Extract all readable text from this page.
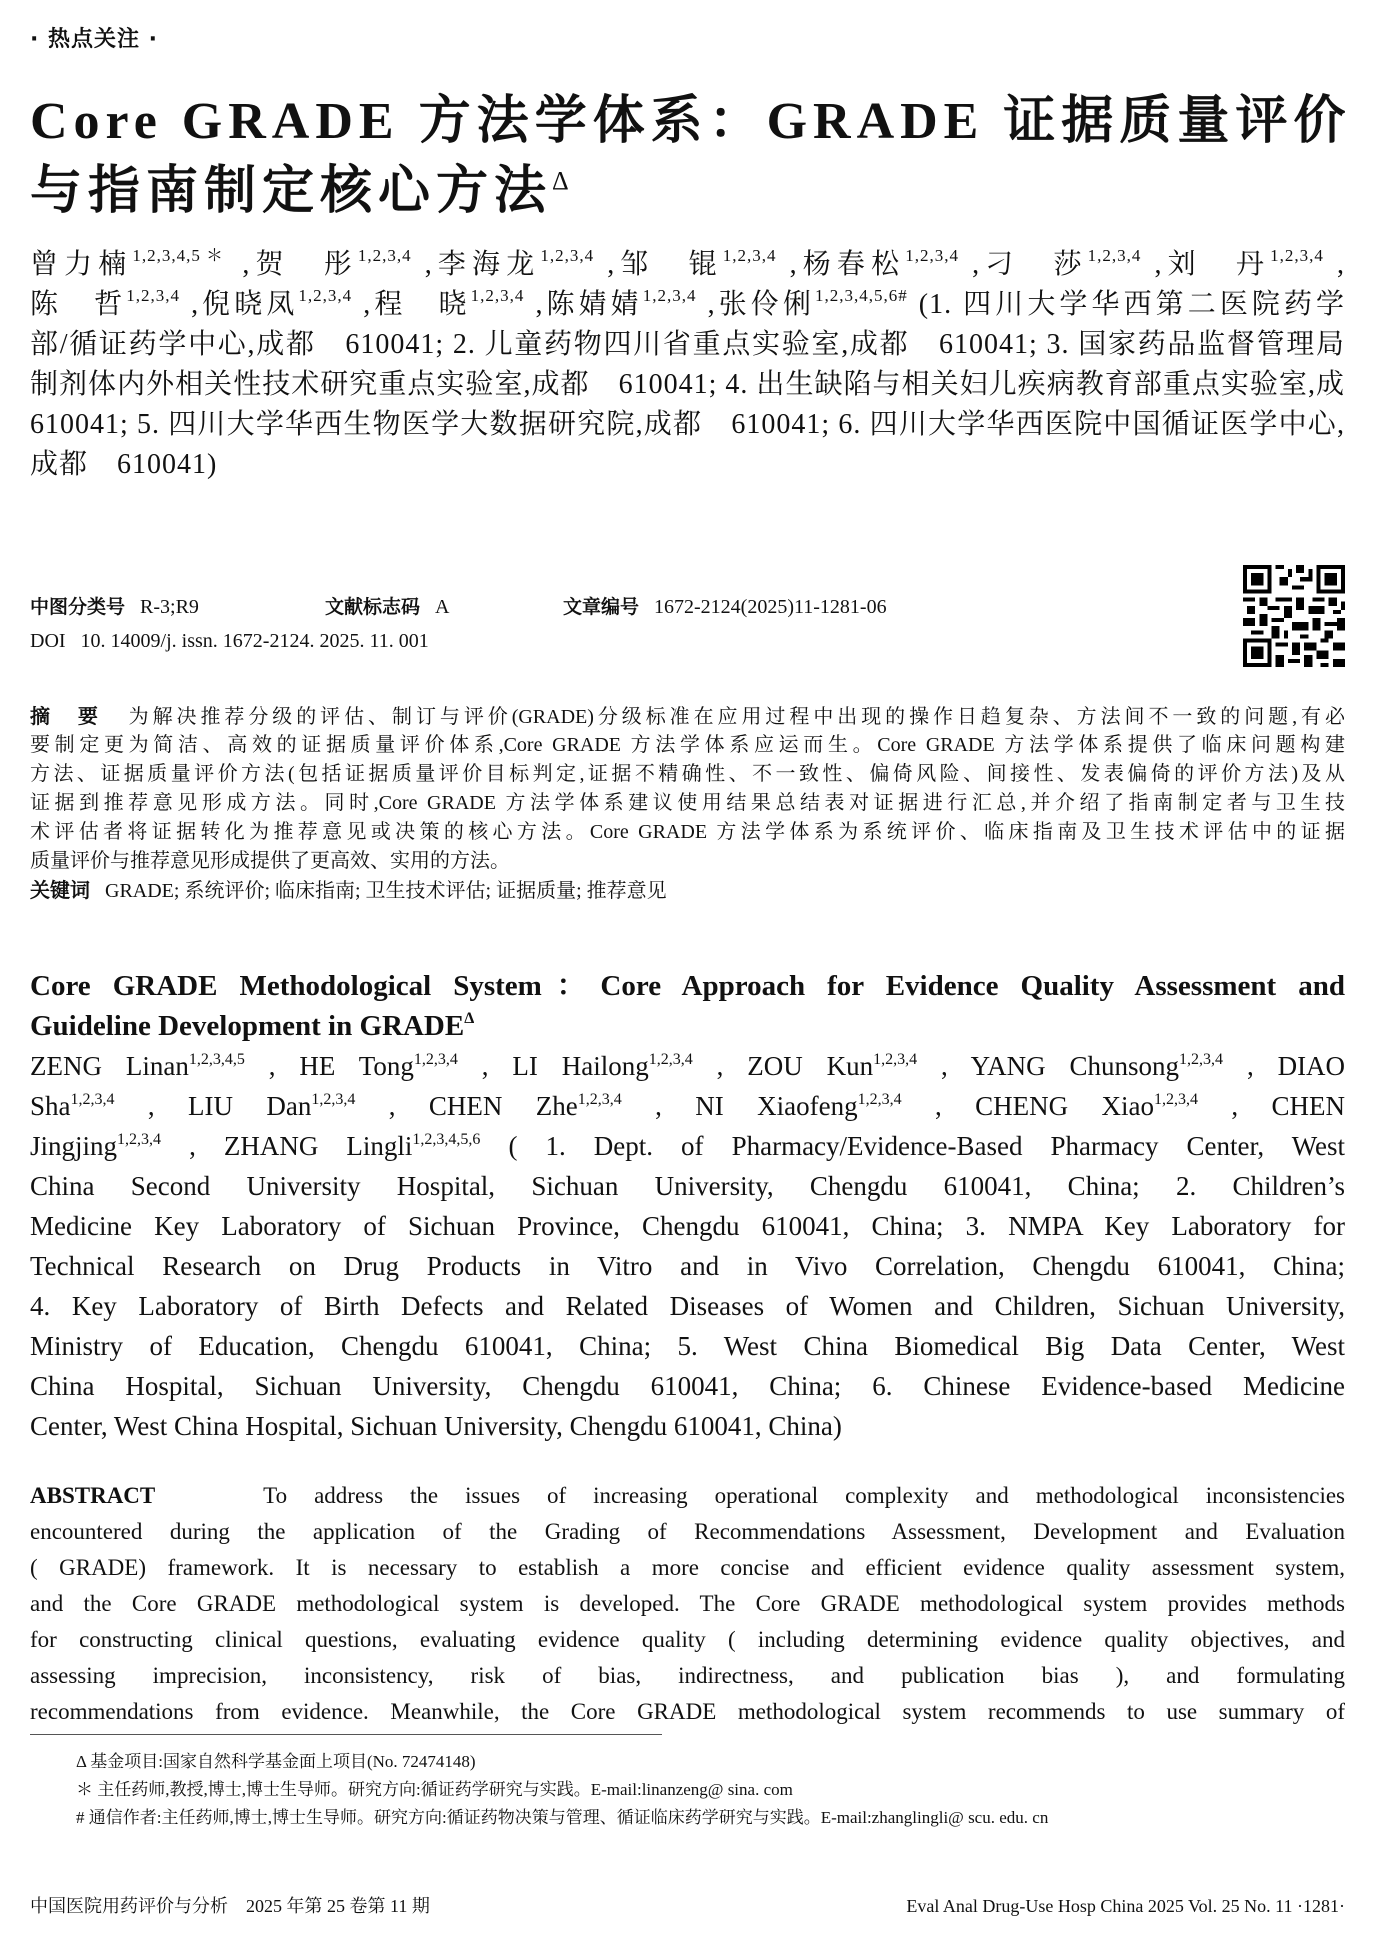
· 热点关注 ·
Core GRADE 方法学体系：GRADE 证据质量评价
与指南制定核心方法$^\Delta$
曾力楠$^{1,2,3,4,5*}$ ,贺　彤$^{1,2,3,4}$ ,李海龙$^{1,2,3,4}$ ,邹　锟$^{1,2,3,4}$ ,杨春松$^{1,2,3,4}$ ,刁　莎$^{1,2,3,4}$ ,刘　丹$^{1,2,3,4}$ ,
陈　哲$^{1,2,3,4}$ ,倪晓凤$^{1,2,3,4}$ ,程　晓$^{1,2,3,4}$ ,陈婧婧$^{1,2,3,4}$ ,张伶俐$^{1,2,3,4,5,6\#}$ (1. 四川大学华西第二医院药学
部/循证药学中心,成都　610041; 2. 儿童药物四川省重点实验室,成都　610041; 3. 国家药品监督管理局
制剂体内外相关性技术研究重点实验室,成都　610041; 4. 出生缺陷与相关妇儿疾病教育部重点实验室,成
610041; 5. 四川大学华西生物医学大数据研究院,成都　610041; 6. 四川大学华西医院中国循证医学中心,
成都　610041)
中图分类号 R-3;R9	文献标志码 A	文章编号 1672-2124(2025)11-1281-06
DOI 10. 14009/j. issn. 1672-2124. 2025. 11. 001
摘　要 为解决推荐分级的评估、制订与评价(GRADE)分级标准在应用过程中出现的操作日趋复杂、方法间不一致的问题,有必
要制定更为简洁、高效的证据质量评价体系,Core GRADE 方法学体系应运而生。Core GRADE 方法学体系提供了临床问题构建
方法、证据质量评价方法(包括证据质量评价目标判定,证据不精确性、不一致性、偏倚风险、间接性、发表偏倚的评价方法)及从
证据到推荐意见形成方法。同时,Core GRADE 方法学体系建议使用结果总结表对证据进行汇总,并介绍了指南制定者与卫生技
术评估者将证据转化为推荐意见或决策的核心方法。Core GRADE 方法学体系为系统评价、临床指南及卫生技术评估中的证据
质量评价与推荐意见形成提供了更高效、实用的方法。
关键词 GRADE; 系统评价; 临床指南; 卫生技术评估; 证据质量; 推荐意见
Core GRADE Methodological System：Core Approach for Evidence Quality Assessment and
Guideline Development in $GRADE^\Delta$
ZENG Linan$^{1,2,3,4,5}$ , HE Tong$^{1,2,3,4}$ , LI Hailong$^{1,2,3,4}$ , ZOU Kun$^{1,2,3,4}$ , YANG Chunsong$^{1,2,3,4}$ , DIAO
Sha$^{1,2,3,4}$ , LIU Dan$^{1,2,3,4}$ , CHEN Zhe$^{1,2,3,4}$ , NI Xiaofeng$^{1,2,3,4}$ , CHENG Xiao$^{1,2,3,4}$ , CHEN
Jingjing$^{1,2,3,4}$ , ZHANG Lingli$^{1,2,3,4,5,6}$ ( 1. Dept. of Pharmacy/Evidence-Based Pharmacy Center, West
China Second University Hospital, Sichuan University, Chengdu 610041, China; 2. Children’s
Medicine Key Laboratory of Sichuan Province, Chengdu 610041, China; 3. NMPA Key Laboratory for
Technical Research on Drug Products in Vitro and in Vivo Correlation, Chengdu 610041, China;
4. Key Laboratory of Birth Defects and Related Diseases of Women and Children, Sichuan University,
Ministry of Education, Chengdu 610041, China; 5. West China Biomedical Big Data Center, West
China Hospital, Sichuan University, Chengdu 610041, China; 6. Chinese Evidence-based Medicine
Center, West China Hospital, Sichuan University, Chengdu 610041, China)
ABSTRACT	To address the issues of increasing operational complexity and methodological inconsistencies
encountered during the application of the Grading of Recommendations Assessment, Development and Evaluation
( GRADE) framework. It is necessary to establish a more concise and efficient evidence quality assessment system,
and the Core GRADE methodological system is developed. The Core GRADE methodological system provides methods
for constructing clinical questions, evaluating evidence quality ( including determining evidence quality objectives, and
assessing imprecision, inconsistency, risk of bias, indirectness, and publication bias ), and formulating
recommendations from evidence. Meanwhile, the Core GRADE methodological system recommends to use summary of
Δ 基金项目:国家自然科学基金面上项目(No. 72474148)
＊ 主任药师,教授,博士,博士生导师。研究方向:循证药学研究与实践。E-mail:linanzeng@ sina. com
# 通信作者:主任药师,博士,博士生导师。研究方向:循证药物决策与管理、循证临床药学研究与实践。E-mail:zhanglingli@ scu. edu. cn
中国医院用药评价与分析　2025 年第 25 卷第 11 期	Eval Anal Drug-Use Hosp China 2025 Vol. 25 No. 11 ·1281·
